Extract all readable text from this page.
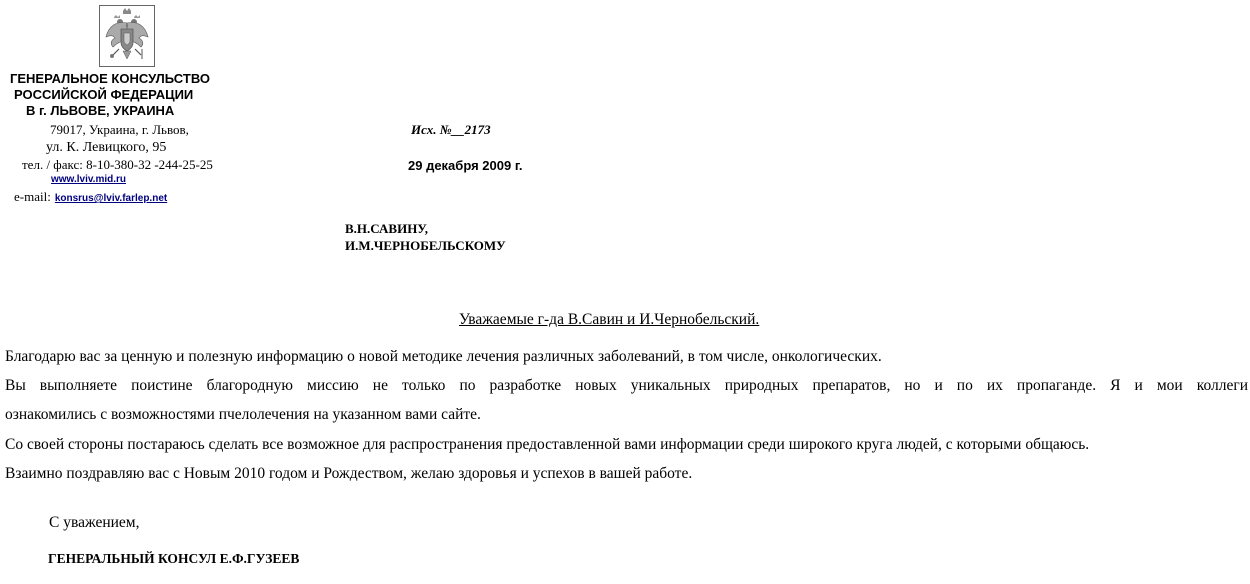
ГЕНЕРАЛЬНОЕ КОНСУЛЬСТВО
РОССИЙСКОЙ ФЕДЕРАЦИИ
В г. ЛЬВОВЕ, УКРАИНА
79017, Украина, г. Львов,
ул. К. Левицкого, 95
тел. / факс: 8-10-380-32 -244-25-25
www.lviv.mid.ru
e-mail: konsrus@lviv.farlep.net
Исх. №__2173
29 декабря 2009 г.
В.Н.САВИНУ,
И.М.ЧЕРНОБЕЛЬСКОМУ
Уважаемые г-да В.Савин и И.Чернобельский.
Благодарю вас за ценную и полезную информацию о новой методике лечения различных заболеваний, в том числе, онкологических.
Вы выполняете поистине благородную миссию не только по разработке новых уникальных природных препаратов, но и по их пропаганде. Я и мои коллеги
ознакомились с возможностями пчелолечения на указанном вами сайте.
Со своей стороны постараюсь сделать все возможное для распространения предоставленной вами информации среди широкого круга людей, с которыми общаюсь.
Взаимно поздравляю вас с Новым 2010 годом и Рождеством, желаю здоровья и успехов в вашей работе.
С уважением,
ГЕНЕРАЛЬНЫЙ КОНСУЛ Е.Ф.ГУЗЕЕВ
